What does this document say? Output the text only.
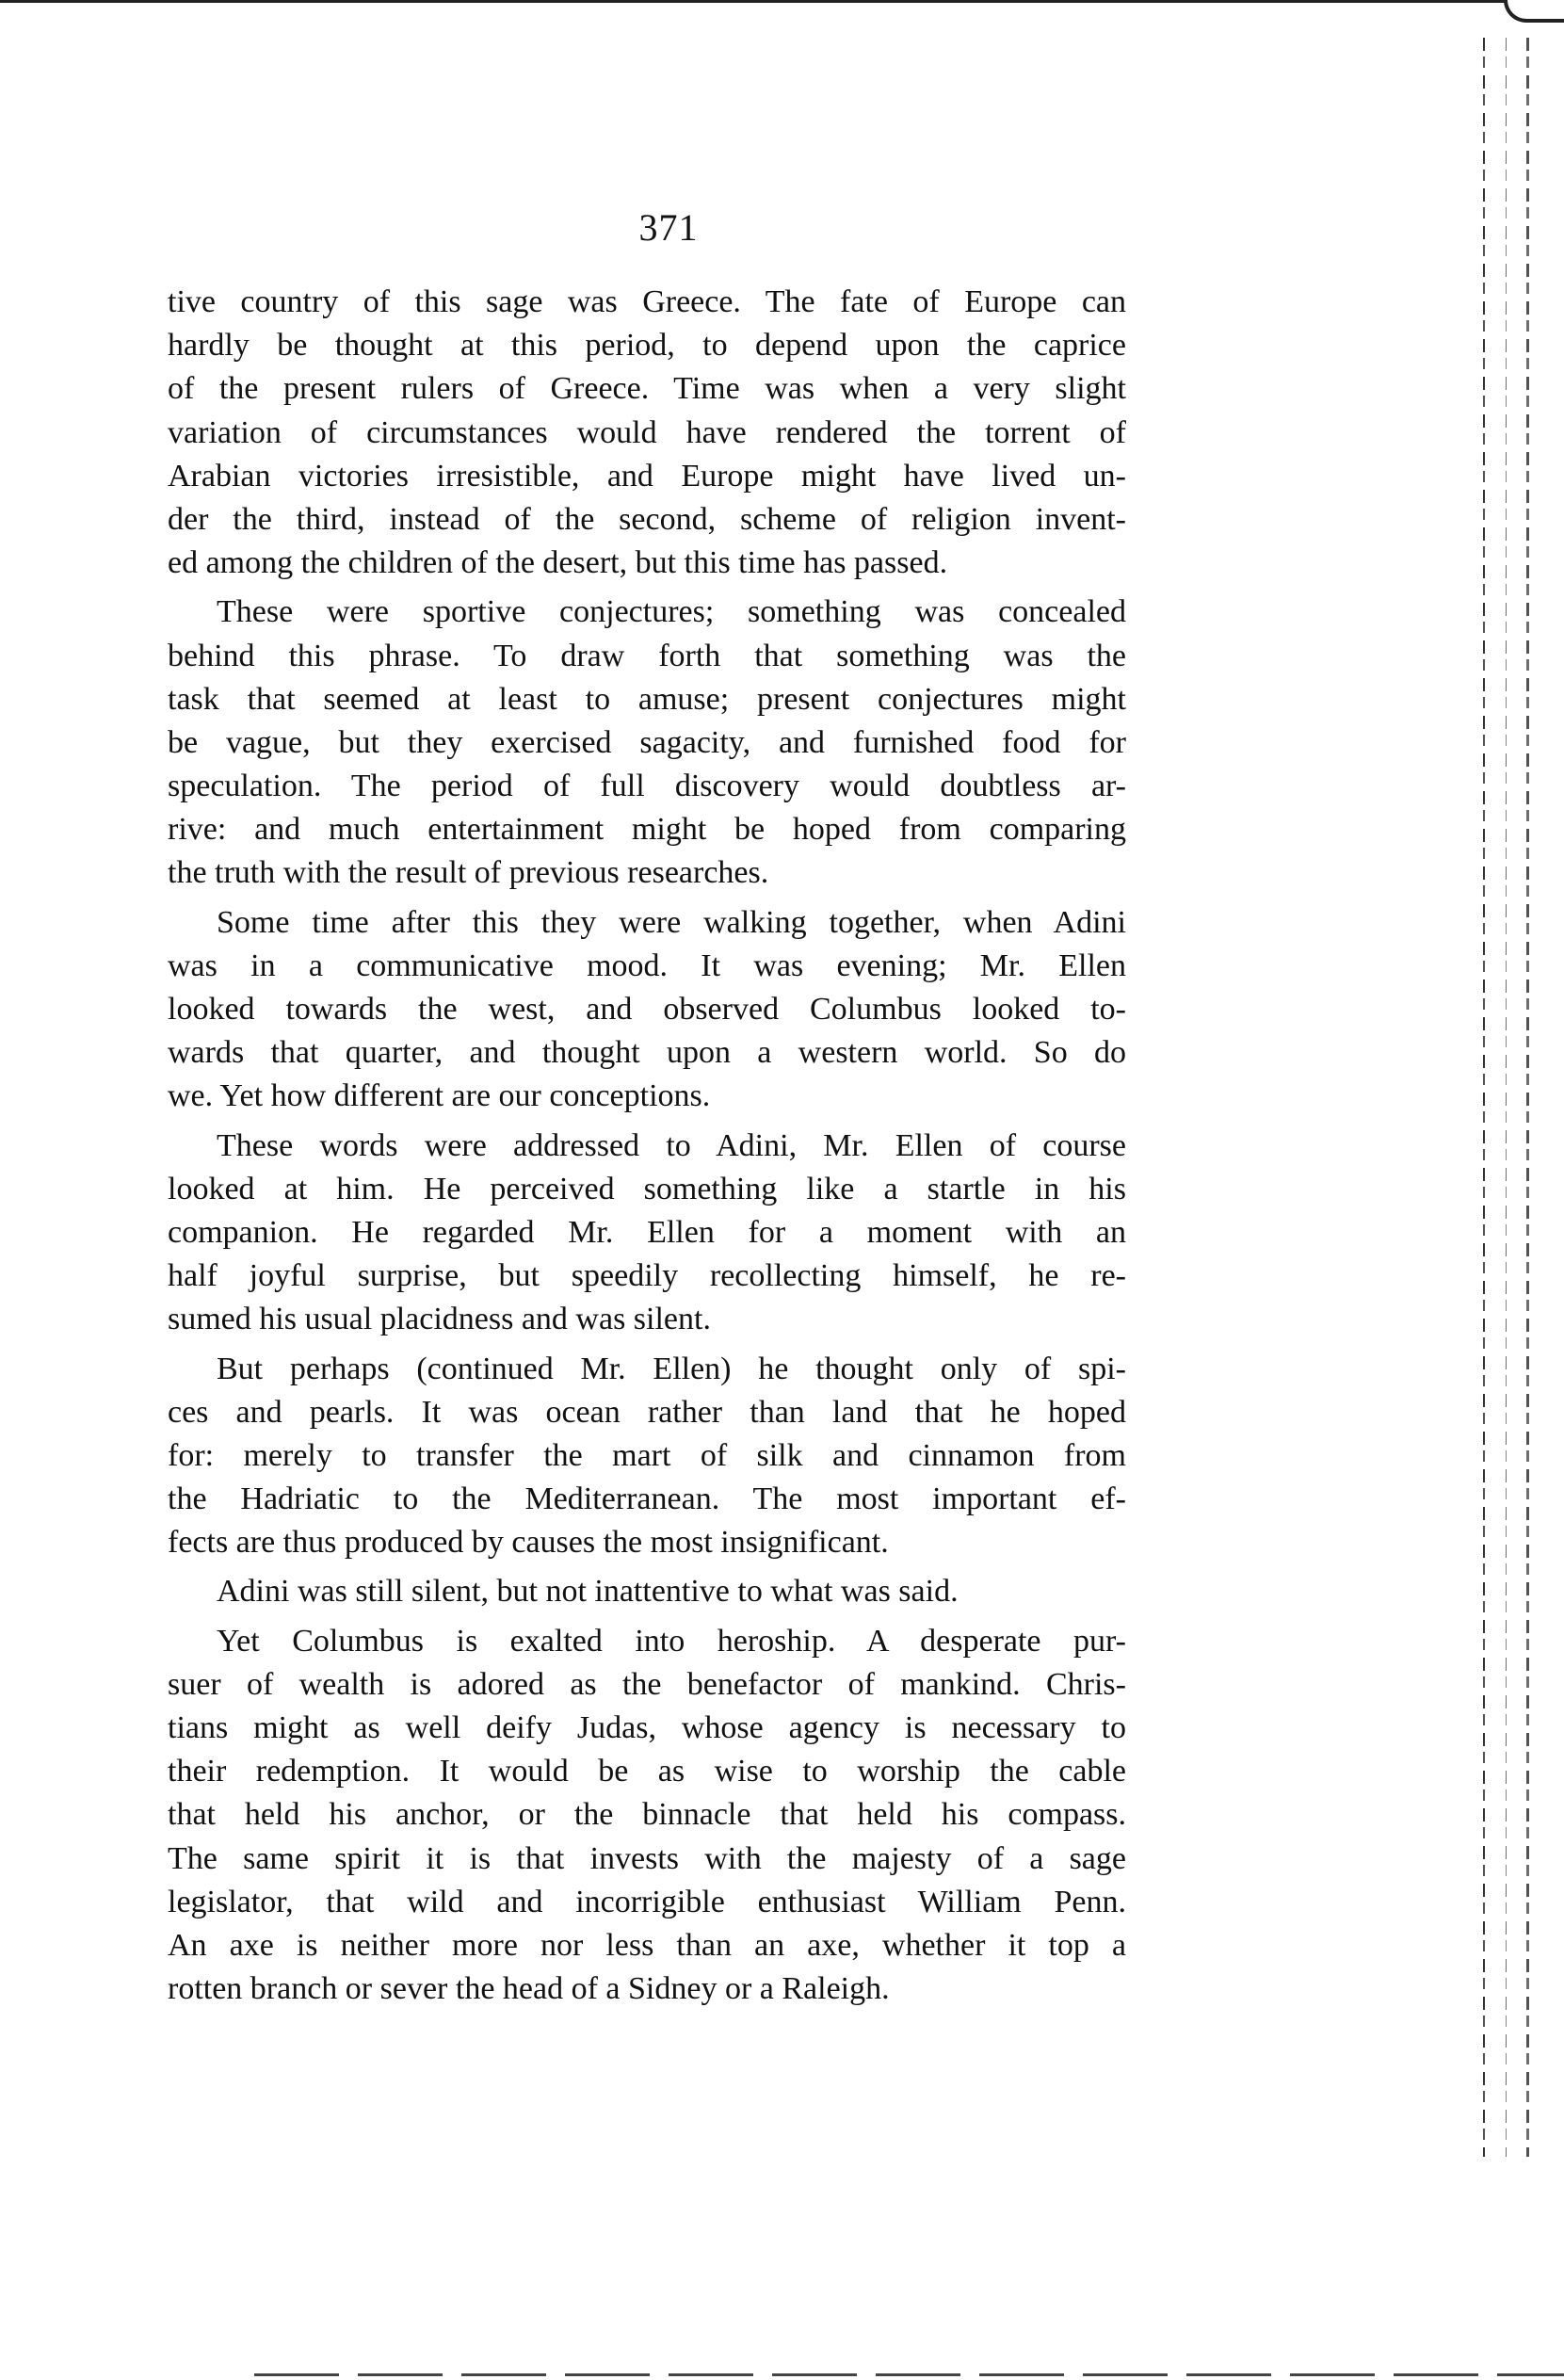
371
tive country of this sage was Greece. The fate of Europe can
hardly be thought at this period, to depend upon the caprice
of the present rulers of Greece. Time was when a very slight
variation of circumstances would have rendered the torrent of
Arabian victories irresistible, and Europe might have lived un-
der the third, instead of the second, scheme of religion invent-
ed among the children of the desert, but this time has passed.
These were sportive conjectures; something was concealed
behind this phrase. To draw forth that something was the
task that seemed at least to amuse; present conjectures might
be vague, but they exercised sagacity, and furnished food for
speculation. The period of full discovery would doubtless ar-
rive: and much entertainment might be hoped from comparing
the truth with the result of previous researches.
Some time after this they were walking together, when Adini
was in a communicative mood. It was evening; Mr. Ellen
looked towards the west, and observed Columbus looked to-
wards that quarter, and thought upon a western world. So do
we. Yet how different are our conceptions.
These words were addressed to Adini, Mr. Ellen of course
looked at him. He perceived something like a startle in his
companion. He regarded Mr. Ellen for a moment with an
half joyful surprise, but speedily recollecting himself, he re-
sumed his usual placidness and was silent.
But perhaps (continued Mr. Ellen) he thought only of spi-
ces and pearls. It was ocean rather than land that he hoped
for: merely to transfer the mart of silk and cinnamon from
the Hadriatic to the Mediterranean. The most important ef-
fects are thus produced by causes the most insignificant.
Adini was still silent, but not inattentive to what was said.
Yet Columbus is exalted into heroship. A desperate pur-
suer of wealth is adored as the benefactor of mankind. Chris-
tians might as well deify Judas, whose agency is necessary to
their redemption. It would be as wise to worship the cable
that held his anchor, or the binnacle that held his compass.
The same spirit it is that invests with the majesty of a sage
legislator, that wild and incorrigible enthusiast William Penn.
An axe is neither more nor less than an axe, whether it top a
rotten branch or sever the head of a Sidney or a Raleigh.
